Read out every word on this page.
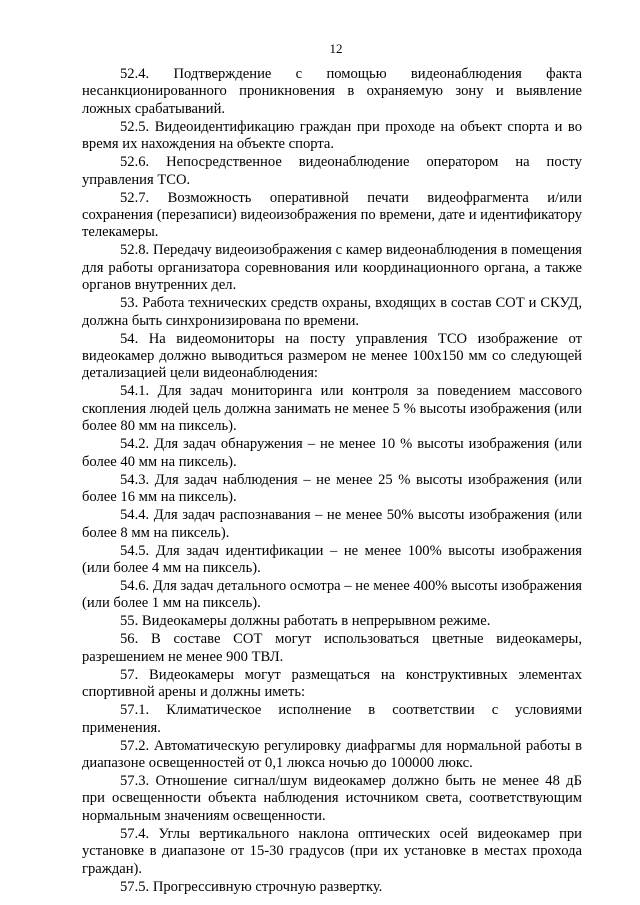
12

52.4. Подтверждение с помощью видеонаблюдения факта несанкционированного проникновения в охраняемую зону и выявление ложных срабатываний.

52.5. Видеоидентификацию граждан при проходе на объект спорта и во время их нахождения на объекте спорта.

52.6. Непосредственное видеонаблюдение оператором на посту управления ТСО.

52.7. Возможность оперативной печати видеофрагмента и/или сохранения (перезаписи) видеоизображения по времени, дате и идентификатору телекамеры.

52.8. Передачу видеоизображения с камер видеонаблюдения в помещения для работы организатора соревнования или координационного органа, а также органов внутренних дел.

53. Работа технических средств охраны, входящих в состав СОТ и СКУД, должна быть синхронизирована по времени.

54. На видеомониторы на посту управления ТСО изображение от видеокамер должно выводиться размером не менее 100х150 мм со следующей детализацией цели видеонаблюдения:

54.1. Для задач мониторинга или контроля за поведением массового скопления людей цель должна занимать не менее 5 % высоты изображения (или более 80 мм на пиксель).

54.2. Для задач обнаружения – не менее 10 % высоты изображения (или более 40 мм на пиксель).

54.3. Для задач наблюдения – не менее 25 % высоты изображения (или более 16 мм на пиксель).

54.4. Для задач распознавания – не менее 50% высоты изображения (или более 8 мм на пиксель).

54.5. Для задач идентификации – не менее 100% высоты изображения (или более 4 мм на пиксель).

54.6. Для задач детального осмотра – не менее 400% высоты изображения (или более 1 мм на пиксель).

55. Видеокамеры должны работать в непрерывном режиме.

56. В составе СОТ могут использоваться цветные видеокамеры, разрешением не менее 900 ТВЛ.

57. Видеокамеры могут размещаться на конструктивных элементах спортивной арены и должны иметь:

57.1. Климатическое исполнение в соответствии с условиями применения.

57.2. Автоматическую регулировку диафрагмы для нормальной работы в диапазоне освещенностей от 0,1 люкса ночью до 100000 люкс.

57.3. Отношение сигнал/шум видеокамер должно быть не менее 48 дБ при освещенности объекта наблюдения источником света, соответствующим нормальным значениям освещенности.

57.4. Углы вертикального наклона оптических осей видеокамер при установке в диапазоне от 15-30 градусов (при их установке в местах прохода граждан).

57.5. Прогрессивную строчную развертку.
